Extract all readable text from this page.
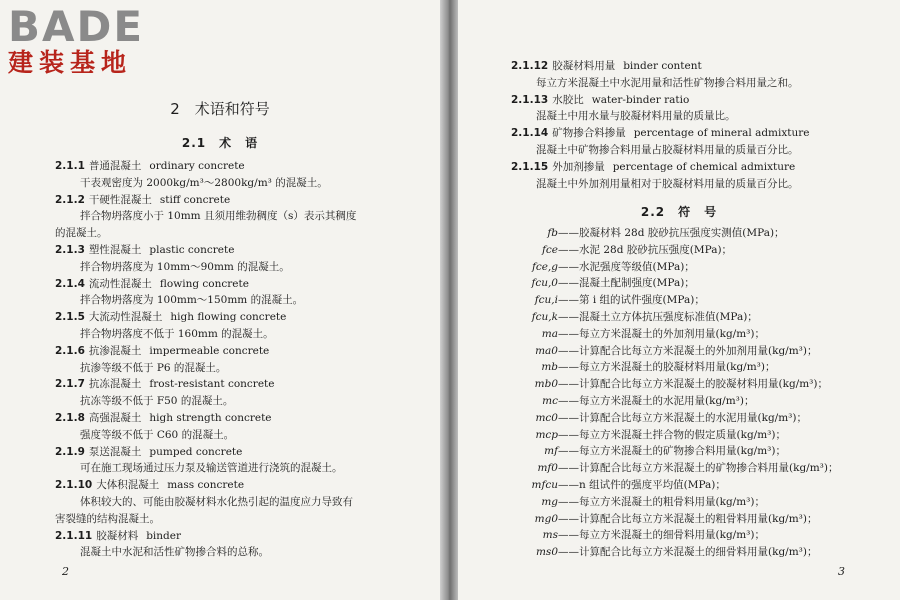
BADE
建装基地
2　术语和符号
2.1　术　语
2.1.1 普通混凝土 ordinary concrete
干表观密度为 2000kg/m³～2800kg/m³ 的混凝土。
2.1.2 干硬性混凝土 stiff concrete
拌合物坍落度小于 10mm 且须用维勃稠度（s）表示其稠度
的混凝土。
2.1.3 塑性混凝土 plastic concrete
拌合物坍落度为 10mm～90mm 的混凝土。
2.1.4 流动性混凝土 flowing concrete
拌合物坍落度为 100mm～150mm 的混凝土。
2.1.5 大流动性混凝土 high flowing concrete
拌合物坍落度不低于 160mm 的混凝土。
2.1.6 抗渗混凝土 impermeable concrete
抗渗等级不低于 P6 的混凝土。
2.1.7 抗冻混凝土 frost-resistant concrete
抗冻等级不低于 F50 的混凝土。
2.1.8 高强混凝土 high strength concrete
强度等级不低于 C60 的混凝土。
2.1.9 泵送混凝土 pumped concrete
可在施工现场通过压力泵及输送管道进行浇筑的混凝土。
2.1.10 大体积混凝土 mass concrete
体积较大的、可能由胶凝材料水化热引起的温度应力导致有
害裂缝的结构混凝土。
2.1.11 胶凝材料 binder
混凝土中水泥和活性矿物掺合料的总称。
2
2.1.12 胶凝材料用量 binder content
每立方米混凝土中水泥用量和活性矿物掺合料用量之和。
2.1.13 水胶比 water-binder ratio
混凝土中用水量与胶凝材料用量的质量比。
2.1.14 矿物掺合料掺量 percentage of mineral admixture
混凝土中矿物掺合料用量占胶凝材料用量的质量百分比。
2.1.15 外加剂掺量 percentage of chemical admixture
混凝土中外加剂用量相对于胶凝材料用量的质量百分比。
2.2　符　号
fb——胶凝材料 28d 胶砂抗压强度实测值(MPa)；
fce——水泥 28d 胶砂抗压强度(MPa)；
fce,g——水泥强度等级值(MPa)；
fcu,0——混凝土配制强度(MPa)；
fcu,i——第 i 组的试件强度(MPa)；
fcu,k——混凝土立方体抗压强度标准值(MPa)；
ma——每立方米混凝土的外加剂用量(kg/m³)；
ma0——计算配合比每立方米混凝土的外加剂用量(kg/m³)；
mb——每立方米混凝土的胶凝材料用量(kg/m³)；
mb0——计算配合比每立方米混凝土的胶凝材料用量(kg/m³)；
mc——每立方米混凝土的水泥用量(kg/m³)；
mc0——计算配合比每立方米混凝土的水泥用量(kg/m³)；
mcp——每立方米混凝土拌合物的假定质量(kg/m³)；
mf——每立方米混凝土的矿物掺合料用量(kg/m³)；
mf0——计算配合比每立方米混凝土的矿物掺合料用量(kg/m³)；
mfcu——n 组试件的强度平均值(MPa)；
mg——每立方米混凝土的粗骨料用量(kg/m³)；
mg0——计算配合比每立方米混凝土的粗骨料用量(kg/m³)；
ms——每立方米混凝土的细骨料用量(kg/m³)；
ms0——计算配合比每立方米混凝土的细骨料用量(kg/m³)；
3
